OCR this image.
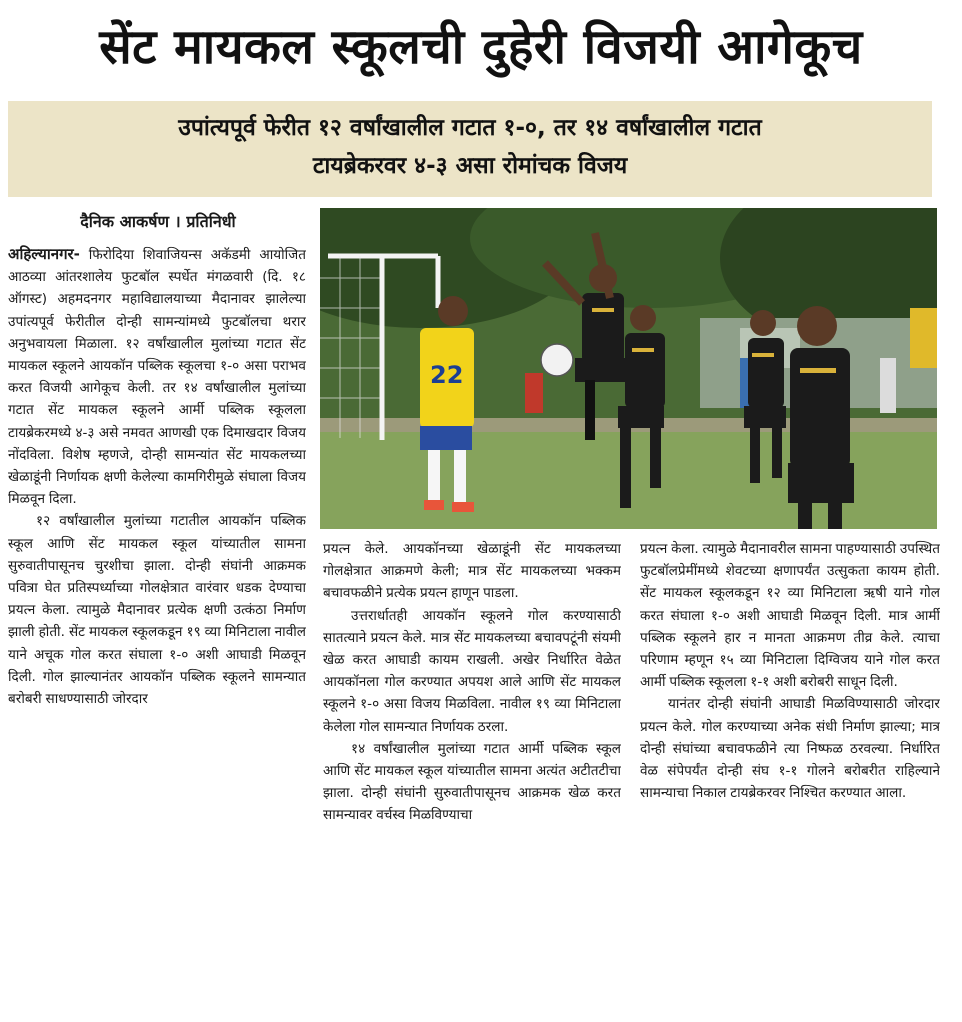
सेंट मायकल स्कूलची दुहेरी विजयी आगेकूच
उपांत्यपूर्व फेरीत १२ वर्षांखालील गटात १-०, तर १४ वर्षांखालील गटात
टायब्रेकरवर ४-३ असा रोमांचक विजय
दैनिक आकर्षण । प्रतिनिधी

अहिल्यानगर- फिरोदिया शिवाजियन्स अकॅडमी आयोजित आठव्या आंतरशालेय फुटबॉल स्पर्धेत मंगळवारी (दि. १८ ऑगस्ट) अहमदनगर महाविद्यालयाच्या मैदानावर झालेल्या उपांत्यपूर्व फेरीतील दोन्ही सामन्यांमध्ये फुटबॉलचा थरार अनुभवायला मिळाला. १२ वर्षांखालील मुलांच्या गटात सेंट मायकल स्कूलने आयकॉन पब्लिक स्कूलचा १-० असा पराभव करत विजयी आगेकूच केली. तर १४ वर्षांखालील मुलांच्या गटात सेंट मायकल स्कूलने आर्मी पब्लिक स्कूलला टायब्रेकरमध्ये ४-३ असे नमवत आणखी एक दिमाखदार विजय नोंदविला. विशेष म्हणजे, दोन्ही सामन्यांत सेंट मायकलच्या खेळाडूंनी निर्णायक क्षणी केलेल्या कामगिरीमुळे संघाला विजय मिळवून दिला.

१२ वर्षांखालील मुलांच्या गटातील आयकॉन पब्लिक स्कूल आणि सेंट मायकल स्कूल यांच्यातील सामना सुरुवातीपासूनच चुरशीचा झाला. दोन्ही संघांनी आक्रमक पवित्रा घेत प्रतिस्पर्ध्याच्या गोलक्षेत्रात वारंवार धडक देण्याचा प्रयत्न केला. त्यामुळे मैदानावर प्रत्येक क्षणी उत्कंठा निर्माण झाली होती. सेंट मायकल स्कूलकडून १९ व्या मिनिटाला नावील याने अचूक गोल करत संघाला १-० अशी आघाडी मिळवून दिली. गोल झाल्यानंतर आयकॉन पब्लिक स्कूलने सामन्यात बरोबरी साधण्यासाठी जोरदार

22

प्रयत्न केले. आयकॉनच्या खेळाडूंनी सेंट मायकलच्या गोलक्षेत्रात आक्रमणे केली; मात्र सेंट मायकलच्या भक्कम बचावफळीने प्रत्येक प्रयत्न हाणून पाडला.

उत्तरार्धातही आयकॉन स्कूलने गोल करण्यासाठी सातत्याने प्रयत्न केले. मात्र सेंट मायकलच्या बचावपटूंनी संयमी खेळ करत आघाडी कायम राखली. अखेर निर्धारित वेळेत आयकॉनला गोल करण्यात अपयश आले आणि सेंट मायकल स्कूलने १-० असा विजय मिळविला. नावील १९ व्या मिनिटाला केलेला गोल सामन्यात निर्णायक ठरला.

१४ वर्षांखालील मुलांच्या गटात आर्मी पब्लिक स्कूल आणि सेंट मायकल स्कूल यांच्यातील सामना अत्यंत अटीतटीचा झाला. दोन्ही संघांनी सुरुवातीपासूनच आक्रमक खेळ करत सामन्यावर वर्चस्व मिळविण्याचा

प्रयत्न केला. त्यामुळे मैदानावरील सामना पाहण्यासाठी उपस्थित फुटबॉलप्रेमींमध्ये शेवटच्या क्षणापर्यंत उत्सुकता कायम होती. सेंट मायकल स्कूलकडून १२ व्या मिनिटाला ऋषी याने गोल करत संघाला १-० अशी आघाडी मिळवून दिली. मात्र आर्मी पब्लिक स्कूलने हार न मानता आक्रमण तीव्र केले. त्याचा परिणाम म्हणून १५ व्या मिनिटाला दिग्विजय याने गोल करत आर्मी पब्लिक स्कूलला १-१ अशी बरोबरी साधून दिली.

यानंतर दोन्ही संघांनी आघाडी मिळविण्यासाठी जोरदार प्रयत्न केले. गोल करण्याच्या अनेक संधी निर्माण झाल्या; मात्र दोन्ही संघांच्या बचावफळीने त्या निष्फळ ठरवल्या. निर्धारित वेळ संपेपर्यंत दोन्ही संघ १-१ गोलने बरोबरीत राहिल्याने सामन्याचा निकाल टायब्रेकरवर निश्चित करण्यात आला.
